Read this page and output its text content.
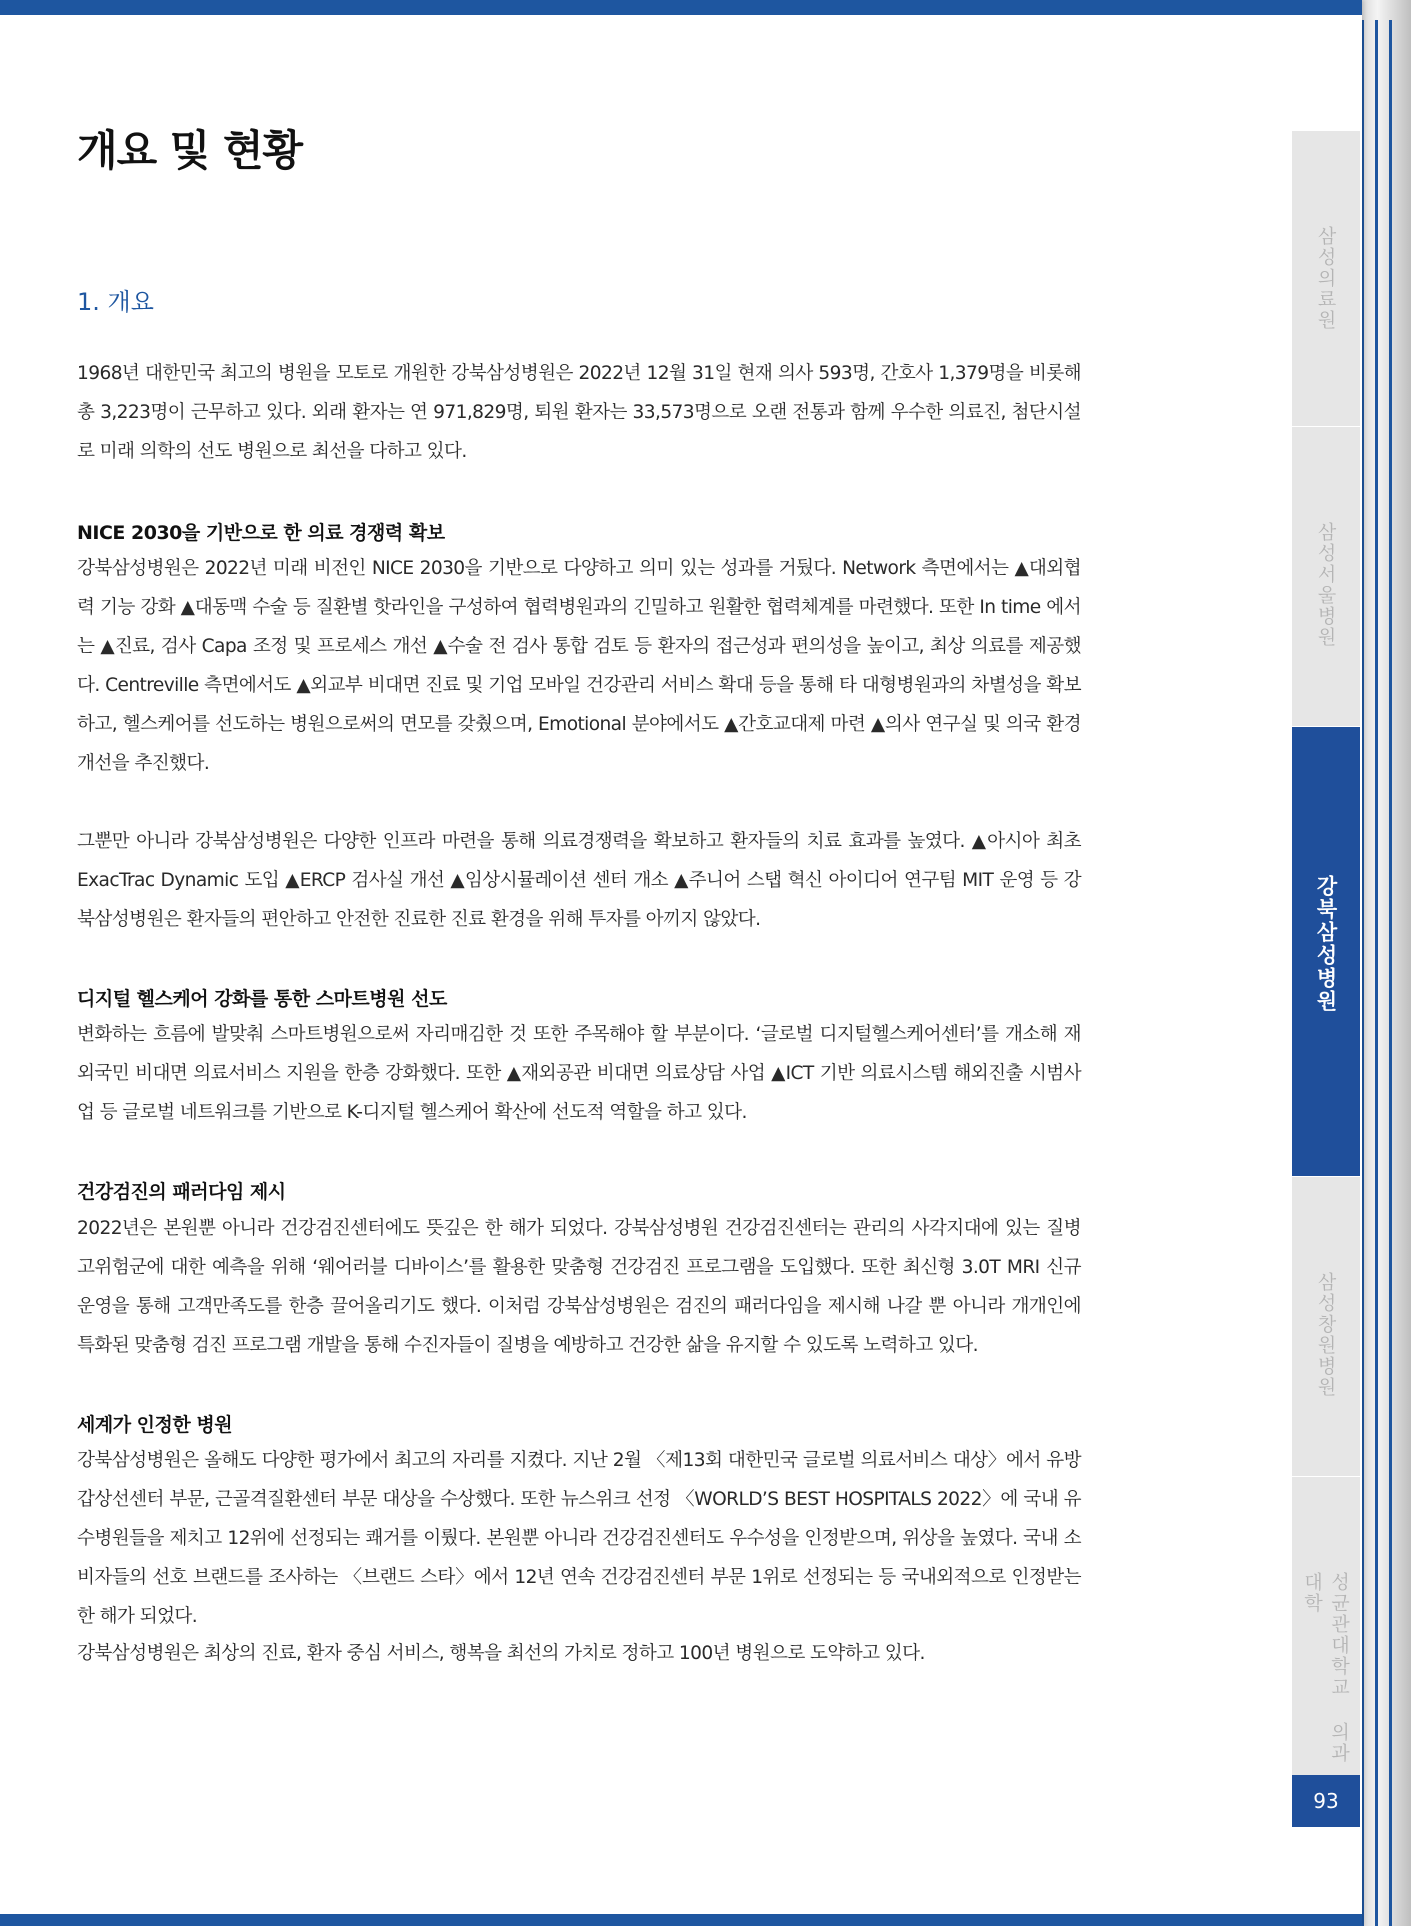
개요 및 현황
1. 개요

1968년 대한민국 최고의 병원을 모토로 개원한 강북삼성병원은 2022년 12월 31일 현재 의사 593명, 간호사 1,379명을 비롯해 총 3,223명이 근무하고 있다. 외래 환자는 연 971,829명, 퇴원 환자는 33,573명으로 오랜 전통과 함께 우수한 의료진, 첨단시설로 미래 의학의 선도 병원으로 최선을 다하고 있다.

NICE 2030을 기반으로 한 의료 경쟁력 확보

강북삼성병원은 2022년 미래 비전인 NICE 2030을 기반으로 다양하고 의미 있는 성과를 거뒀다. Network 측면에서는 ▲대외협력 기능 강화 ▲대동맥 수술 등 질환별 핫라인을 구성하여 협력병원과의 긴밀하고 원활한 협력체계를 마련했다. 또한 In time 에서는 ▲진료, 검사 Capa 조정 및 프로세스 개선 ▲수술 전 검사 통합 검토 등 환자의 접근성과 편의성을 높이고, 최상 의료를 제공했다. Centreville 측면에서도 ▲외교부 비대면 진료 및 기업 모바일 건강관리 서비스 확대 등을 통해 타 대형병원과의 차별성을 확보하고, 헬스케어를 선도하는 병원으로써의 면모를 갖췄으며, Emotional 분야에서도 ▲간호교대제 마련 ▲의사 연구실 및 의국 환경개선을 추진했다.

그뿐만 아니라 강북삼성병원은 다양한 인프라 마련을 통해 의료경쟁력을 확보하고 환자들의 치료 효과를 높였다. ▲아시아 최초 ExacTrac Dynamic 도입 ▲ERCP 검사실 개선 ▲임상시뮬레이션 센터 개소 ▲주니어 스탭 혁신 아이디어 연구팀 MIT 운영 등 강북삼성병원은 환자들의 편안하고 안전한 진료한 진료 환경을 위해 투자를 아끼지 않았다.

디지털 헬스케어 강화를 통한 스마트병원 선도

변화하는 흐름에 발맞춰 스마트병원으로써 자리매김한 것 또한 주목해야 할 부분이다. ‘글로벌 디지털헬스케어센터’를 개소해 재외국민 비대면 의료서비스 지원을 한층 강화했다. 또한 ▲재외공관 비대면 의료상담 사업 ▲ICT 기반 의료시스템 해외진출 시범사업 등 글로벌 네트워크를 기반으로 K-디지털 헬스케어 확산에 선도적 역할을 하고 있다.

건강검진의 패러다임 제시

2022년은 본원뿐 아니라 건강검진센터에도 뜻깊은 한 해가 되었다. 강북삼성병원 건강검진센터는 관리의 사각지대에 있는 질병 고위험군에 대한 예측을 위해 ‘웨어러블 디바이스’를 활용한 맞춤형 건강검진 프로그램을 도입했다. 또한 최신형 3.0T MRI 신규 운영을 통해 고객만족도를 한층 끌어올리기도 했다. 이처럼 강북삼성병원은 검진의 패러다임을 제시해 나갈 뿐 아니라 개개인에 특화된 맞춤형 검진 프로그램 개발을 통해 수진자들이 질병을 예방하고 건강한 삶을 유지할 수 있도록 노력하고 있다.

세계가 인정한 병원

강북삼성병원은 올해도 다양한 평가에서 최고의 자리를 지켰다. 지난 2월 〈제13회 대한민국 글로벌 의료서비스 대상〉에서 유방갑상선센터 부문, 근골격질환센터 부문 대상을 수상했다. 또한 뉴스위크 선정 〈WORLD’S BEST HOSPITALS 2022〉에 국내 유수병원들을 제치고 12위에 선정되는 쾌거를 이뤘다. 본원뿐 아니라 건강검진센터도 우수성을 인정받으며, 위상을 높였다. 국내 소비자들의 선호 브랜드를 조사하는 〈브랜드 스타〉에서 12년 연속 건강검진센터 부문 1위로 선정되는 등 국내외적으로 인정받는 한 해가 되었다.

강북삼성병원은 최상의 진료, 환자 중심 서비스, 행복을 최선의 가치로 정하고 100년 병원으로 도약하고 있다.

삼성의료원
삼성서울병원
강북삼성병원
삼성창원병원
성균관대학교 의과대학
93
